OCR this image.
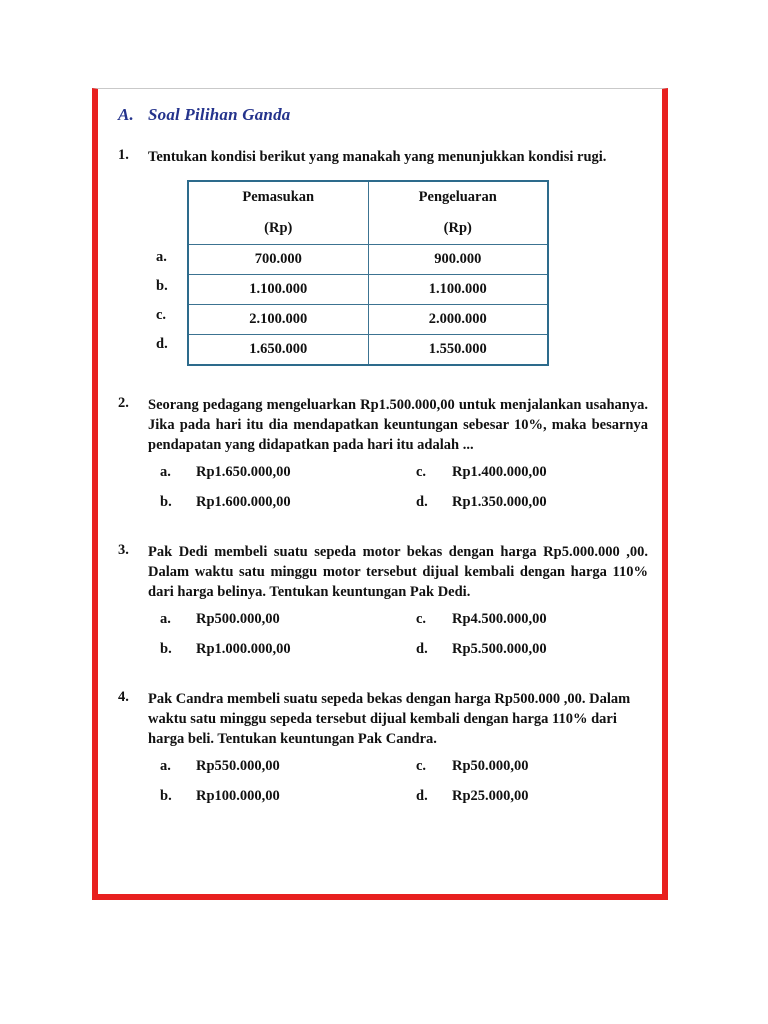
A. Soal Pilihan Ganda
1.	Tentukan kondisi berikut yang manakah yang menunjukkan kondisi rugi.
a.
b.
c.
d.
Pemasukan	Pengeluaran
(Rp)	(Rp)
700.000	900.000
1.100.000	1.100.000
2.100.000	2.000.000
1.650.000	1.550.000
2.	Seorang pedagang mengeluarkan Rp1.500.000,00 untuk menjalankan usahanya. Jika pada hari itu dia mendapatkan keuntungan sebesar 10%, maka besarnya pendapatan yang didapatkan pada hari itu adalah ...
a. Rp1.650.000,00	c. Rp1.400.000,00
b. Rp1.600.000,00	d. Rp1.350.000,00
3.	Pak Dedi membeli suatu sepeda motor bekas dengan harga Rp5.000.000 ,00. Dalam waktu satu minggu motor tersebut dijual kembali dengan harga 110% dari harga belinya. Tentukan keuntungan Pak Dedi.
a. Rp500.000,00	c. Rp4.500.000,00
b. Rp1.000.000,00	d. Rp5.500.000,00
4.	Pak Candra membeli suatu sepeda bekas dengan harga Rp500.000 ,00. Dalam waktu satu minggu sepeda tersebut dijual kembali dengan harga 110% dari harga beli. Tentukan keuntungan Pak Candra.
a. Rp550.000,00	c. Rp50.000,00
b. Rp100.000,00	d. Rp25.000,00
